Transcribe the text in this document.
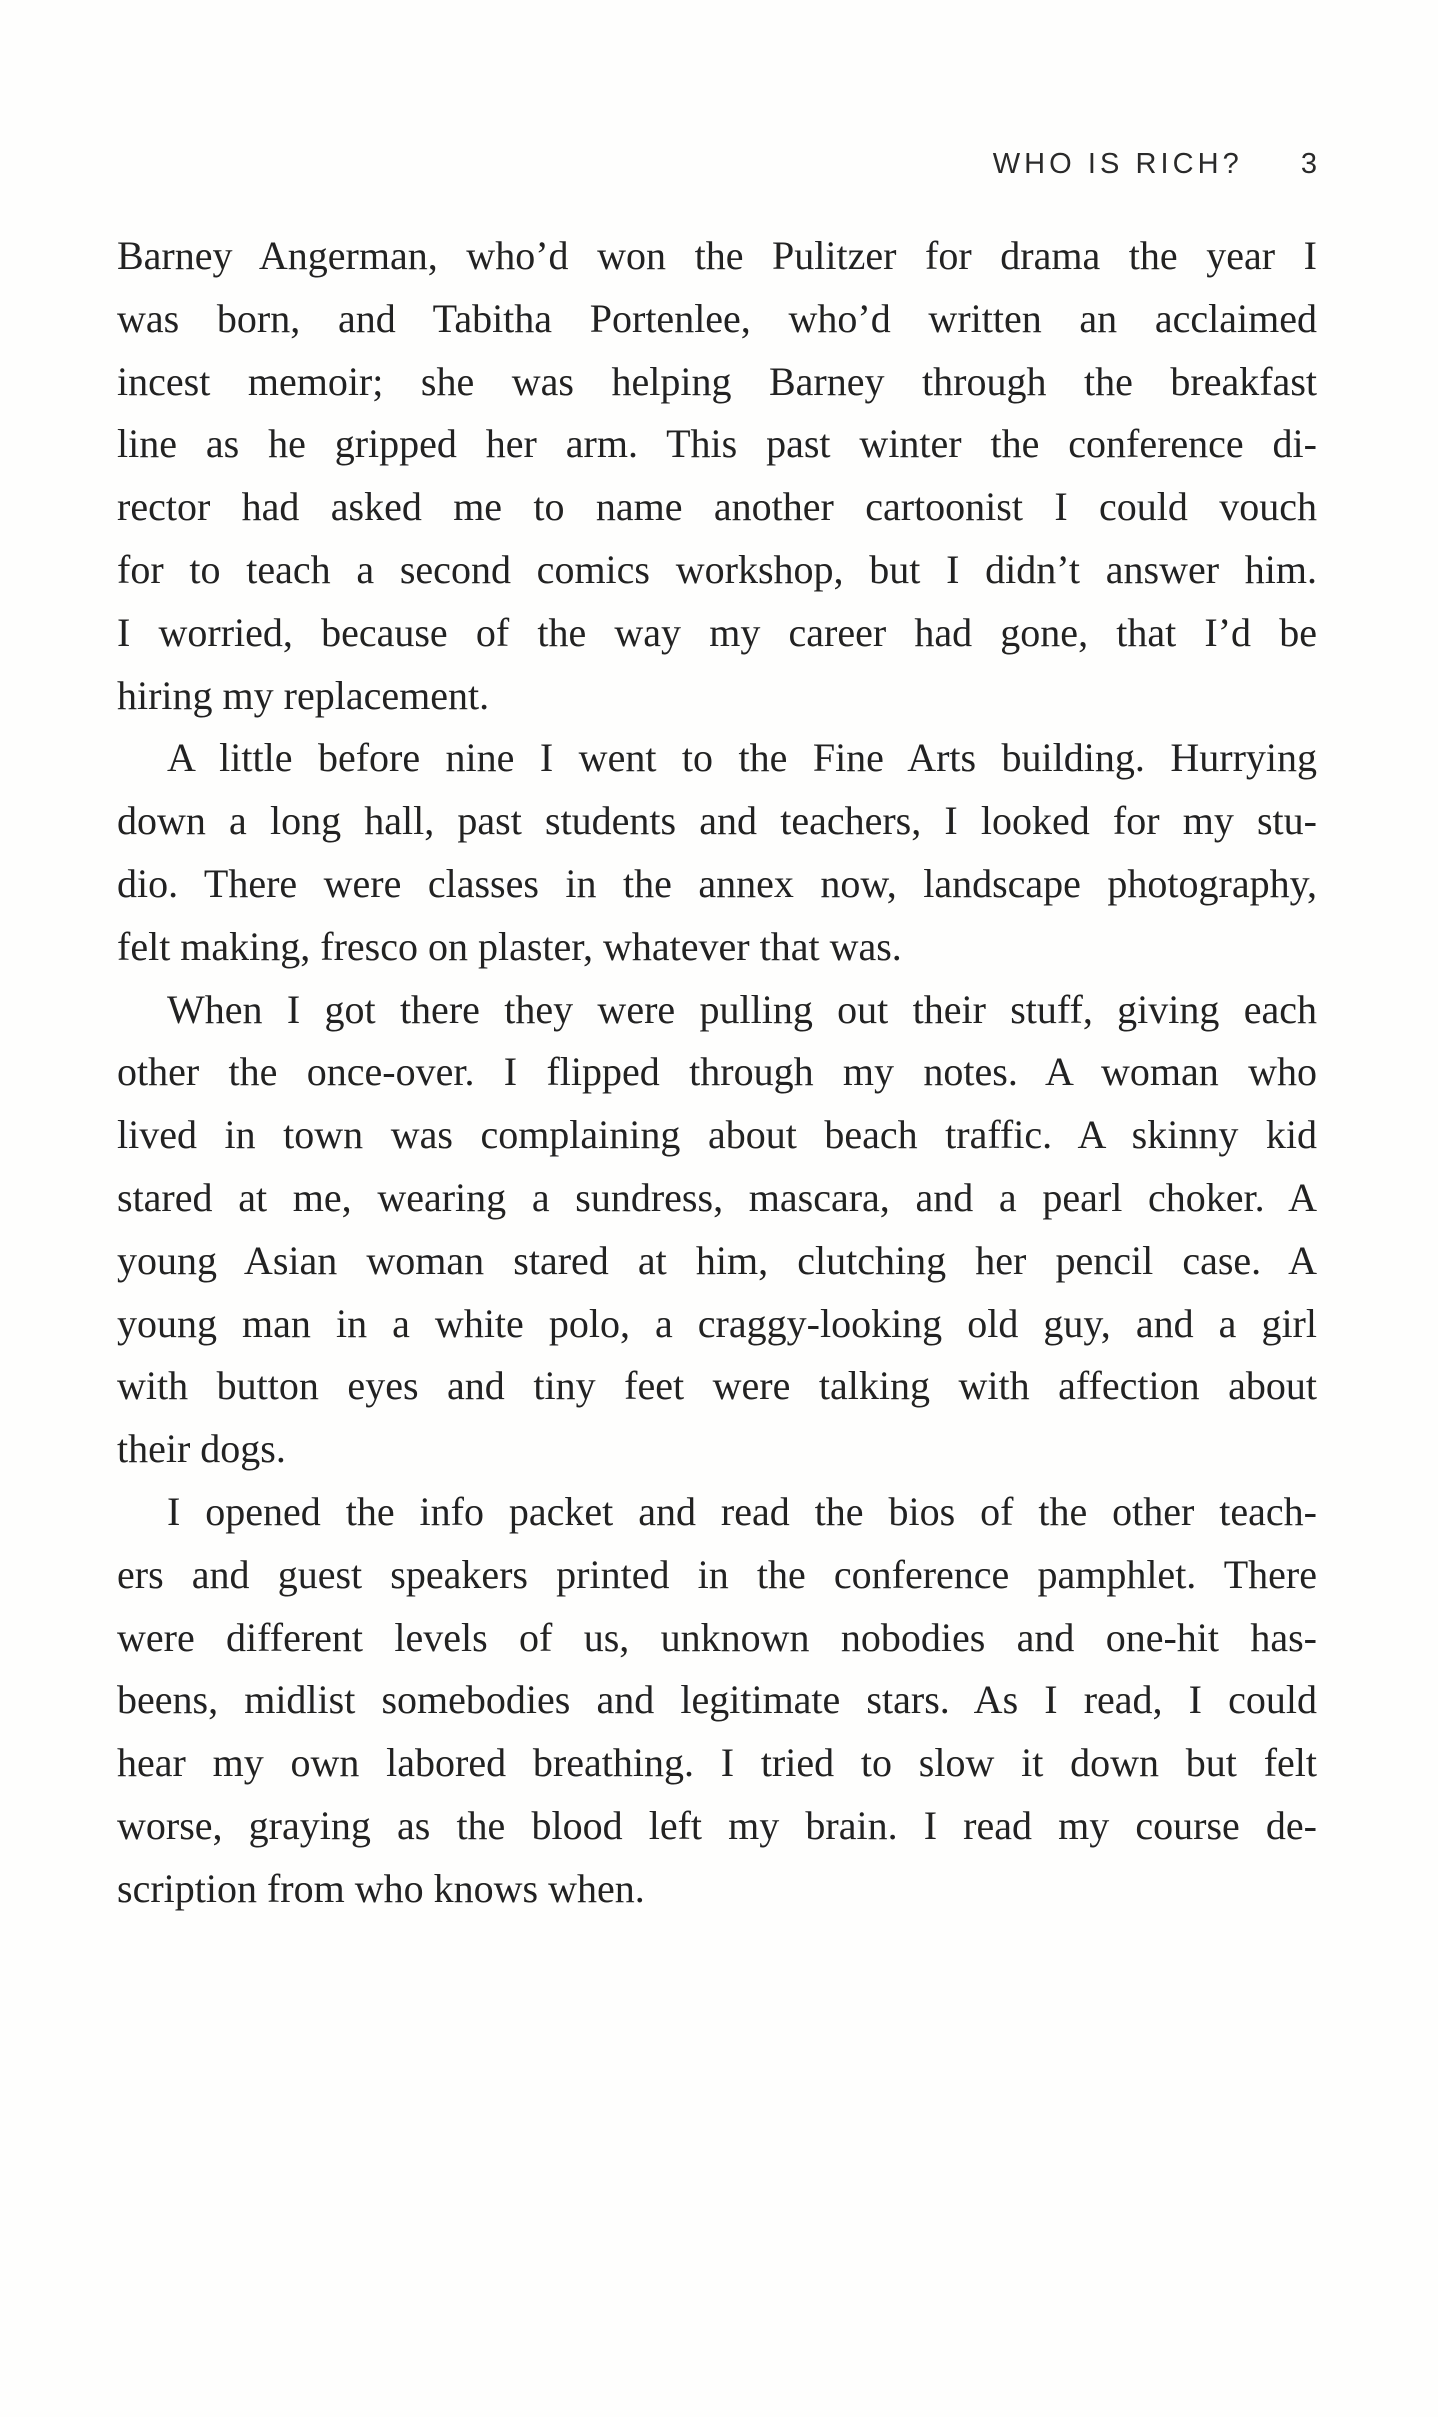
WHO IS RICH? 3
Barney Angerman, who’d won the Pulitzer for drama the year I
was born, and Tabitha Portenlee, who’d written an acclaimed
incest memoir; she was helping Barney through the breakfast
line as he gripped her arm. This past winter the conference di-
rector had asked me to name another cartoonist I could vouch
for to teach a second comics workshop, but I didn’t answer him.
I worried, because of the way my career had gone, that I’d be
hiring my replacement.
A little before nine I went to the Fine Arts building. Hurrying
down a long hall, past students and teachers, I looked for my stu-
dio. There were classes in the annex now, landscape photography,
felt making, fresco on plaster, whatever that was.
When I got there they were pulling out their stuff, giving each
other the once-over. I flipped through my notes. A woman who
lived in town was complaining about beach traffic. A skinny kid
stared at me, wearing a sundress, mascara, and a pearl choker. A
young Asian woman stared at him, clutching her pencil case. A
young man in a white polo, a craggy-looking old guy, and a girl
with button eyes and tiny feet were talking with affection about
their dogs.
I opened the info packet and read the bios of the other teach-
ers and guest speakers printed in the conference pamphlet. There
were different levels of us, unknown nobodies and one-hit has-
beens, midlist somebodies and legitimate stars. As I read, I could
hear my own labored breathing. I tried to slow it down but felt
worse, graying as the blood left my brain. I read my course de-
scription from who knows when.
